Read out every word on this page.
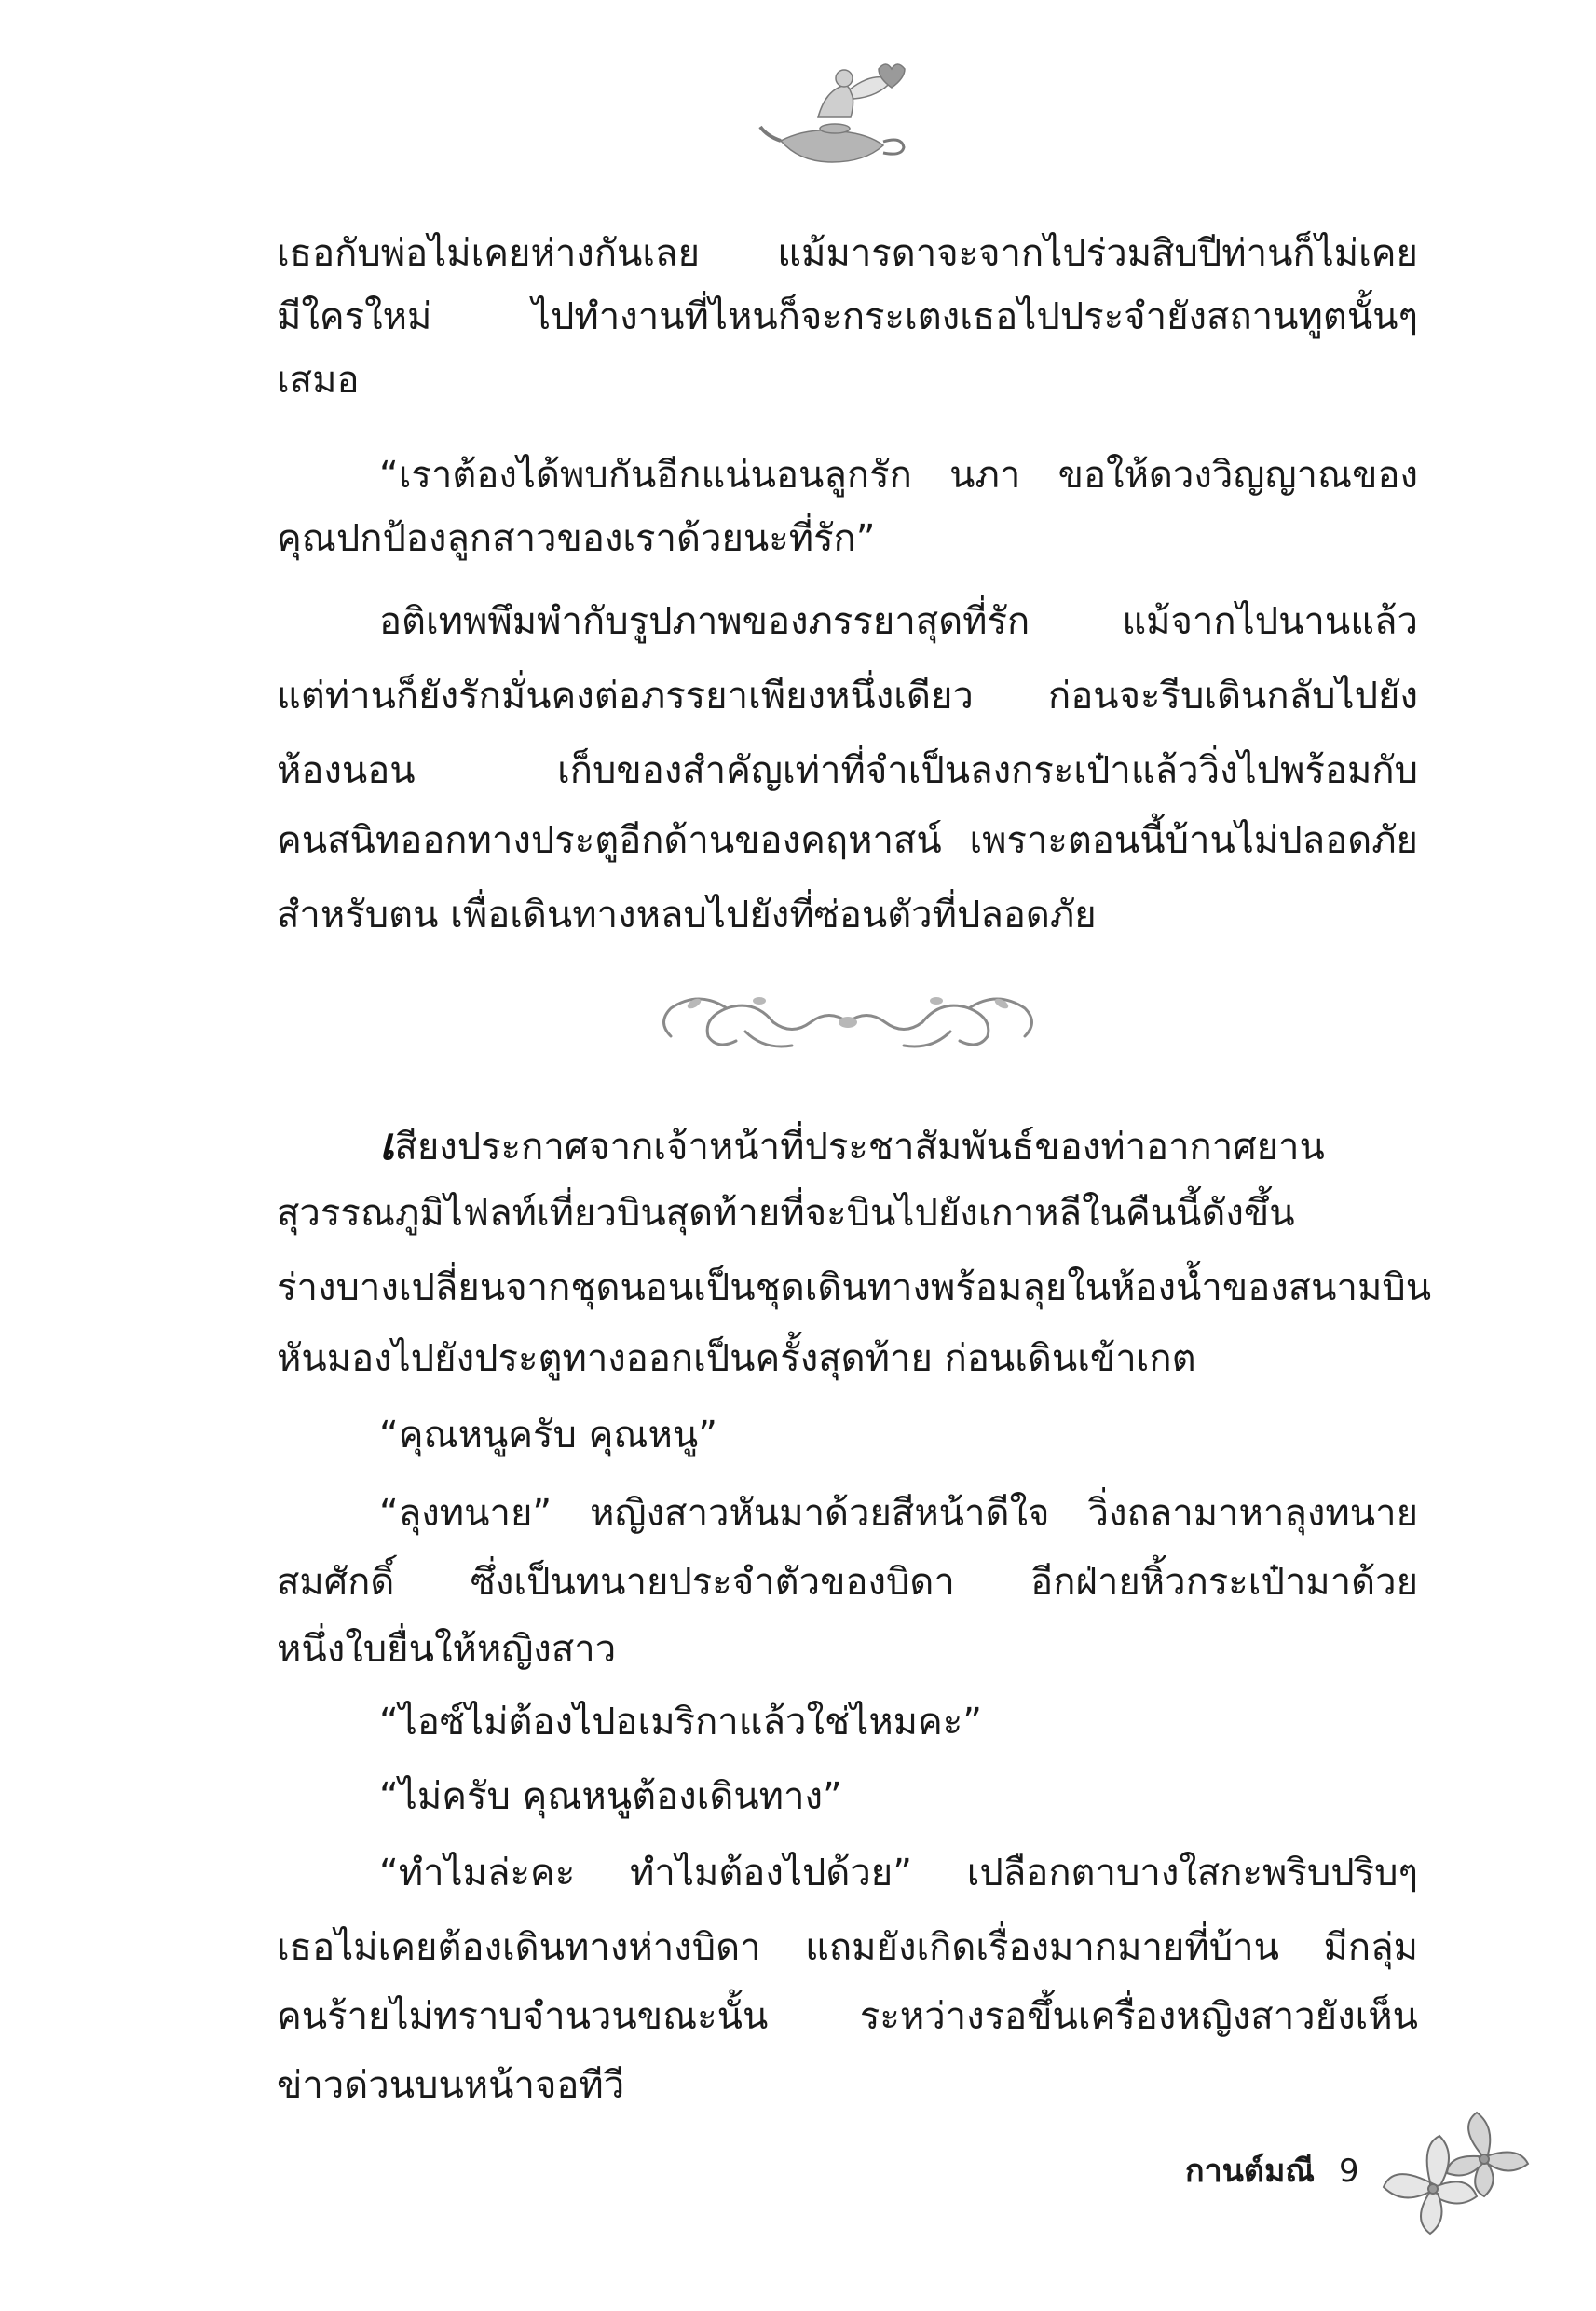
เธอกับพ่อไม่เคยห่างกันเลย แม้มารดาจะจากไปร่วมสิบปีท่านก็ไม่เคย
มีใครใหม่ ไปทำงานที่ไหนก็จะกระเตงเธอไปประจำยังสถานทูตนั้นๆ
เสมอ
“เราต้องได้พบกันอีกแน่นอนลูกรัก นภา ขอให้ดวงวิญญาณของ
คุณปกป้องลูกสาวของเราด้วยนะที่รัก”
อติเทพพึมพำกับรูปภาพของภรรยาสุดที่รัก แม้จากไปนานแล้ว
แต่ท่านก็ยังรักมั่นคงต่อภรรยาเพียงหนึ่งเดียว ก่อนจะรีบเดินกลับไปยัง
ห้องนอน เก็บของสำคัญเท่าที่จำเป็นลงกระเป๋าแล้ววิ่งไปพร้อมกับ
คนสนิทออกทางประตูอีกด้านของคฤหาสน์ เพราะตอนนี้บ้านไม่ปลอดภัย
สำหรับตน เพื่อเดินทางหลบไปยังที่ซ่อนตัวที่ปลอดภัย
เสียงประกาศจากเจ้าหน้าที่ประชาสัมพันธ์ของท่าอากาศยาน
สุวรรณภูมิไฟลท์เที่ยวบินสุดท้ายที่จะบินไปยังเกาหลีในคืนนี้ดังขึ้น
ร่างบางเปลี่ยนจากชุดนอนเป็นชุดเดินทางพร้อมลุยในห้องน้ำของสนามบิน
หันมองไปยังประตูทางออกเป็นครั้งสุดท้าย ก่อนเดินเข้าเกต
“คุณหนูครับ คุณหนู”
“ลุงทนาย” หญิงสาวหันมาด้วยสีหน้าดีใจ วิ่งถลามาหาลุงทนาย
สมศักดิ์ ซึ่งเป็นทนายประจำตัวของบิดา อีกฝ่ายหิ้วกระเป๋ามาด้วย
หนึ่งใบยื่นให้หญิงสาว
“ไอซ์ไม่ต้องไปอเมริกาแล้วใช่ไหมคะ”
“ไม่ครับ คุณหนูต้องเดินทาง”
“ทำไมล่ะคะ ทำไมต้องไปด้วย” เปลือกตาบางใสกะพริบปริบๆ
เธอไม่เคยต้องเดินทางห่างบิดา แถมยังเกิดเรื่องมากมายที่บ้าน มีกลุ่ม
คนร้ายไม่ทราบจำนวนขณะนั้น ระหว่างรอขึ้นเครื่องหญิงสาวยังเห็น
ข่าวด่วนบนหน้าจอทีวี
กานต์มณี 9
